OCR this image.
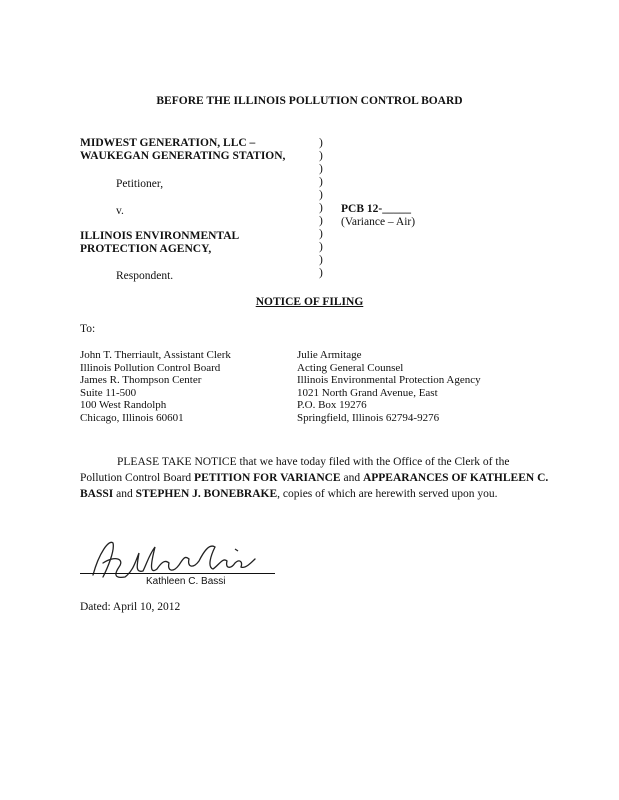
BEFORE THE ILLINOIS POLLUTION CONTROL BOARD
MIDWEST GENERATION, LLC –
WAUKEGAN GENERATING STATION,
Petitioner,
v.
ILLINOIS ENVIRONMENTAL
PROTECTION AGENCY,
Respondent.
)
)
)
)
)
)
)
)
)
)
)
PCB 12-_____
(Variance – Air)
NOTICE OF FILING
To:
John T. Therriault, Assistant Clerk
Illinois Pollution Control Board
James R. Thompson Center
Suite 11-500
100 West Randolph
Chicago, Illinois 60601
Julie Armitage
Acting General Counsel
Illinois Environmental Protection Agency
1021 North Grand Avenue, East
P.O. Box 19276
Springfield, Illinois 62794-9276
PLEASE TAKE NOTICE that we have today filed with the Office of the Clerk of the Pollution Control Board PETITION FOR VARIANCE and APPEARANCES OF KATHLEEN C. BASSI and STEPHEN J. BONEBRAKE, copies of which are herewith served upon you.
Kathleen C. Bassi
Dated: April 10, 2012
